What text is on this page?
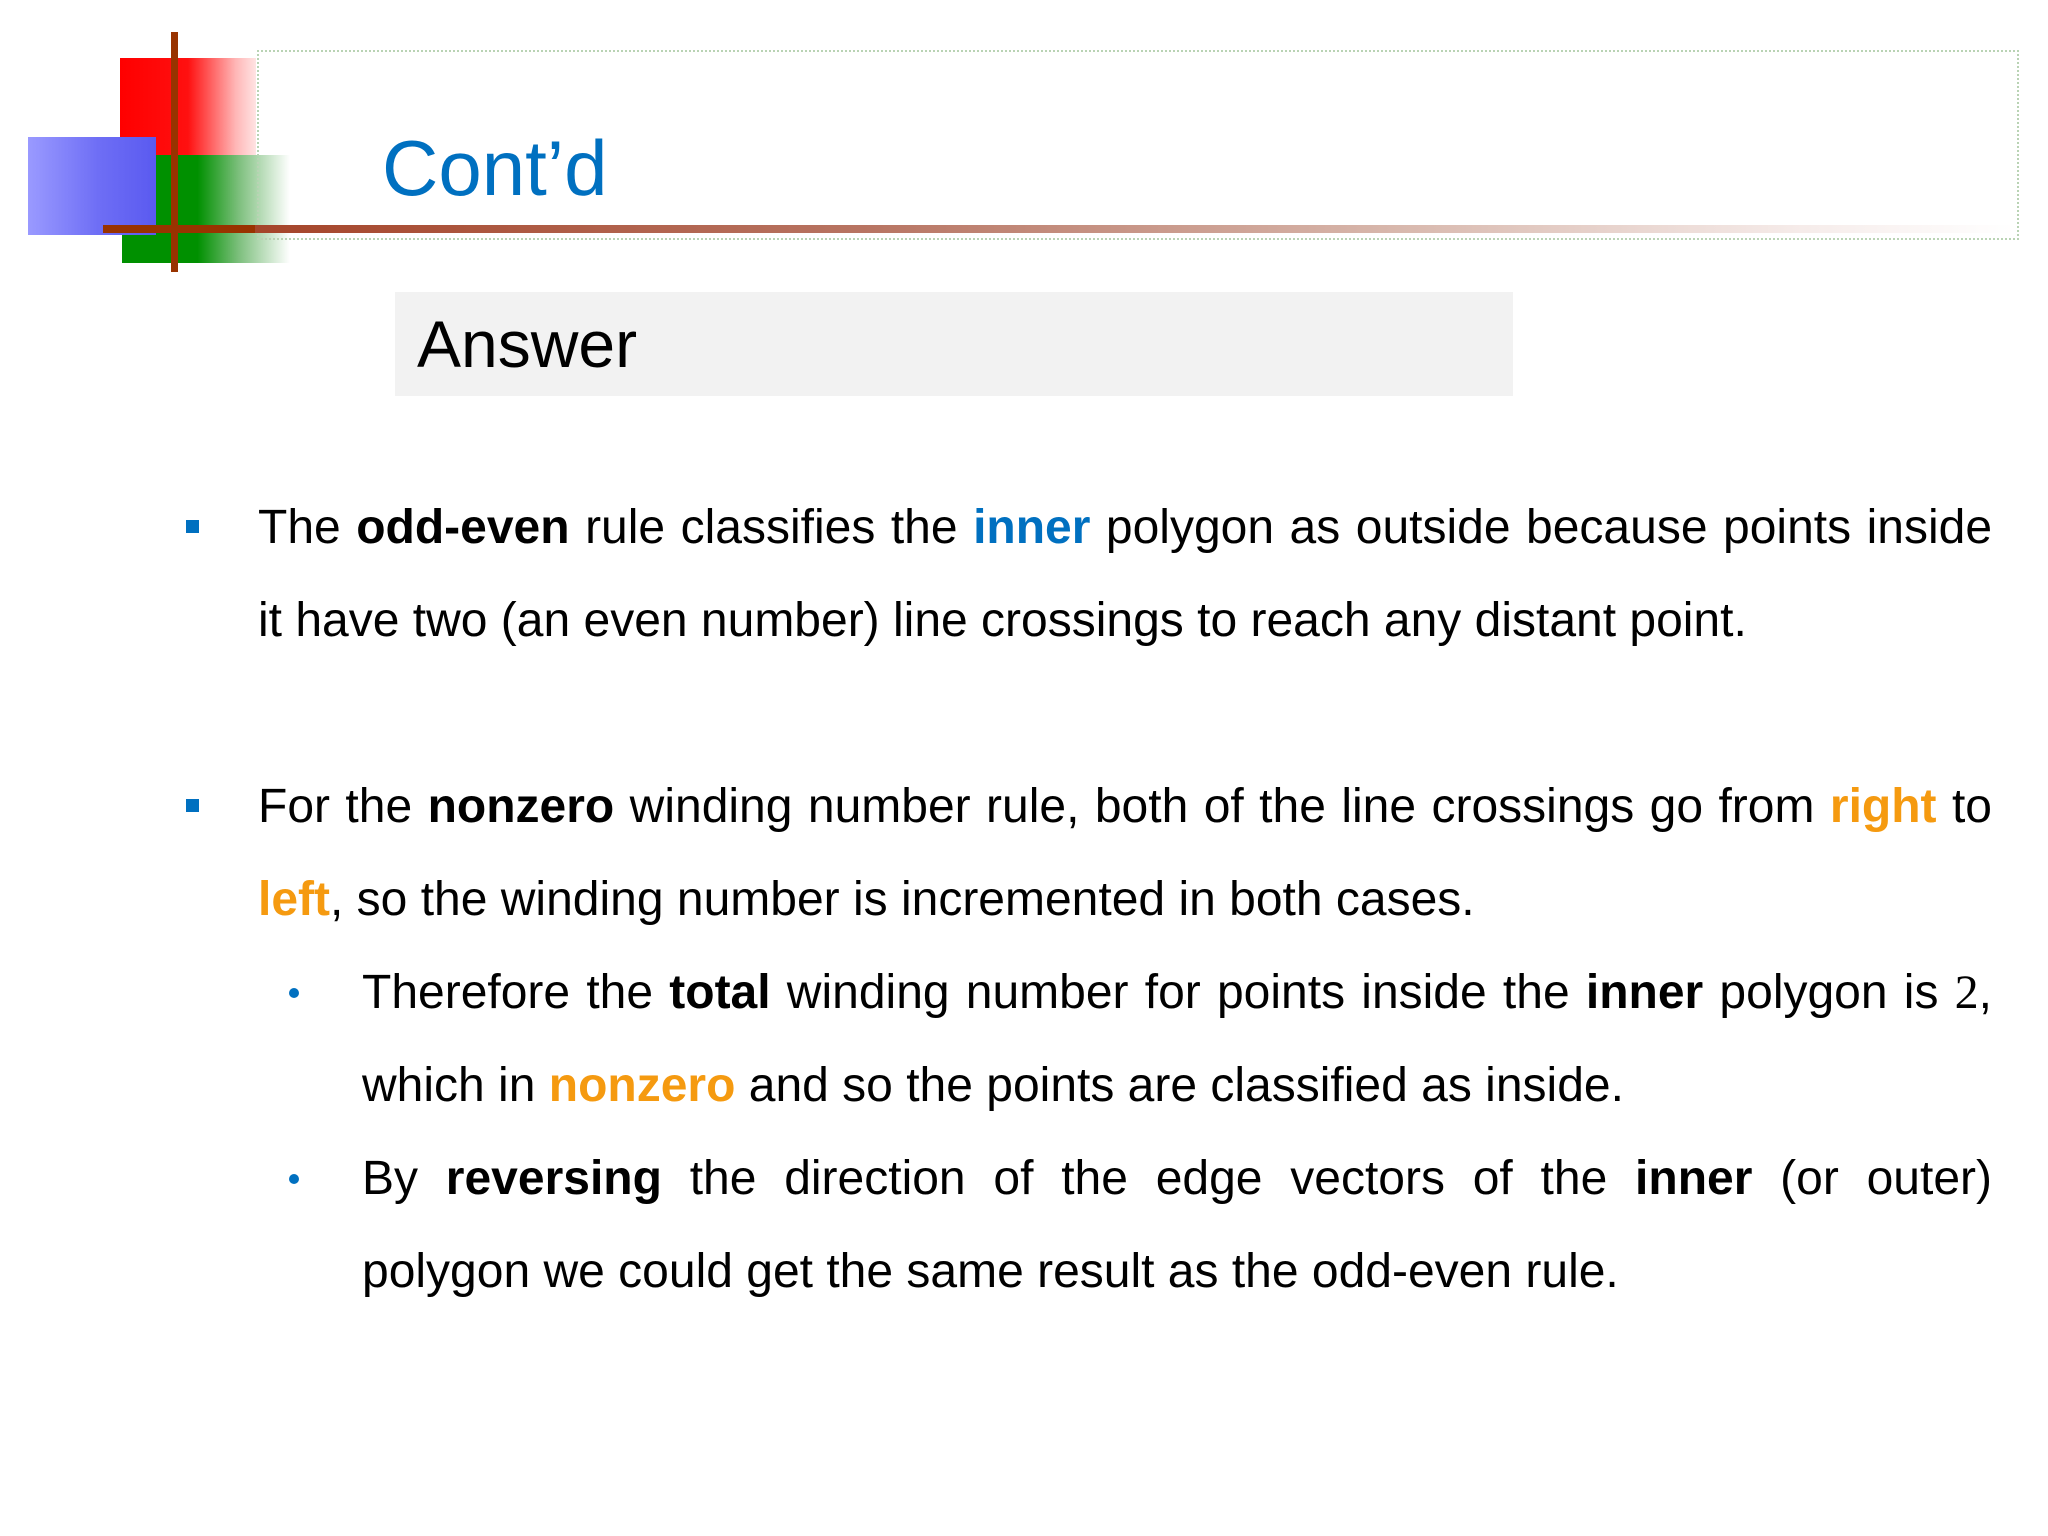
Cont’d
Answer
The odd-even rule classifies the inner polygon as outside because points inside it have two (an even number) line crossings to reach any distant point.
For the nonzero winding number rule, both of the line crossings go from right to left, so the winding number is incremented in both cases.
Therefore the total winding number for points inside the inner polygon is 2, which in nonzero and so the points are classified as inside.
By reversing the direction of the edge vectors of the inner (or outer) polygon we could get the same result as the odd-even rule.
